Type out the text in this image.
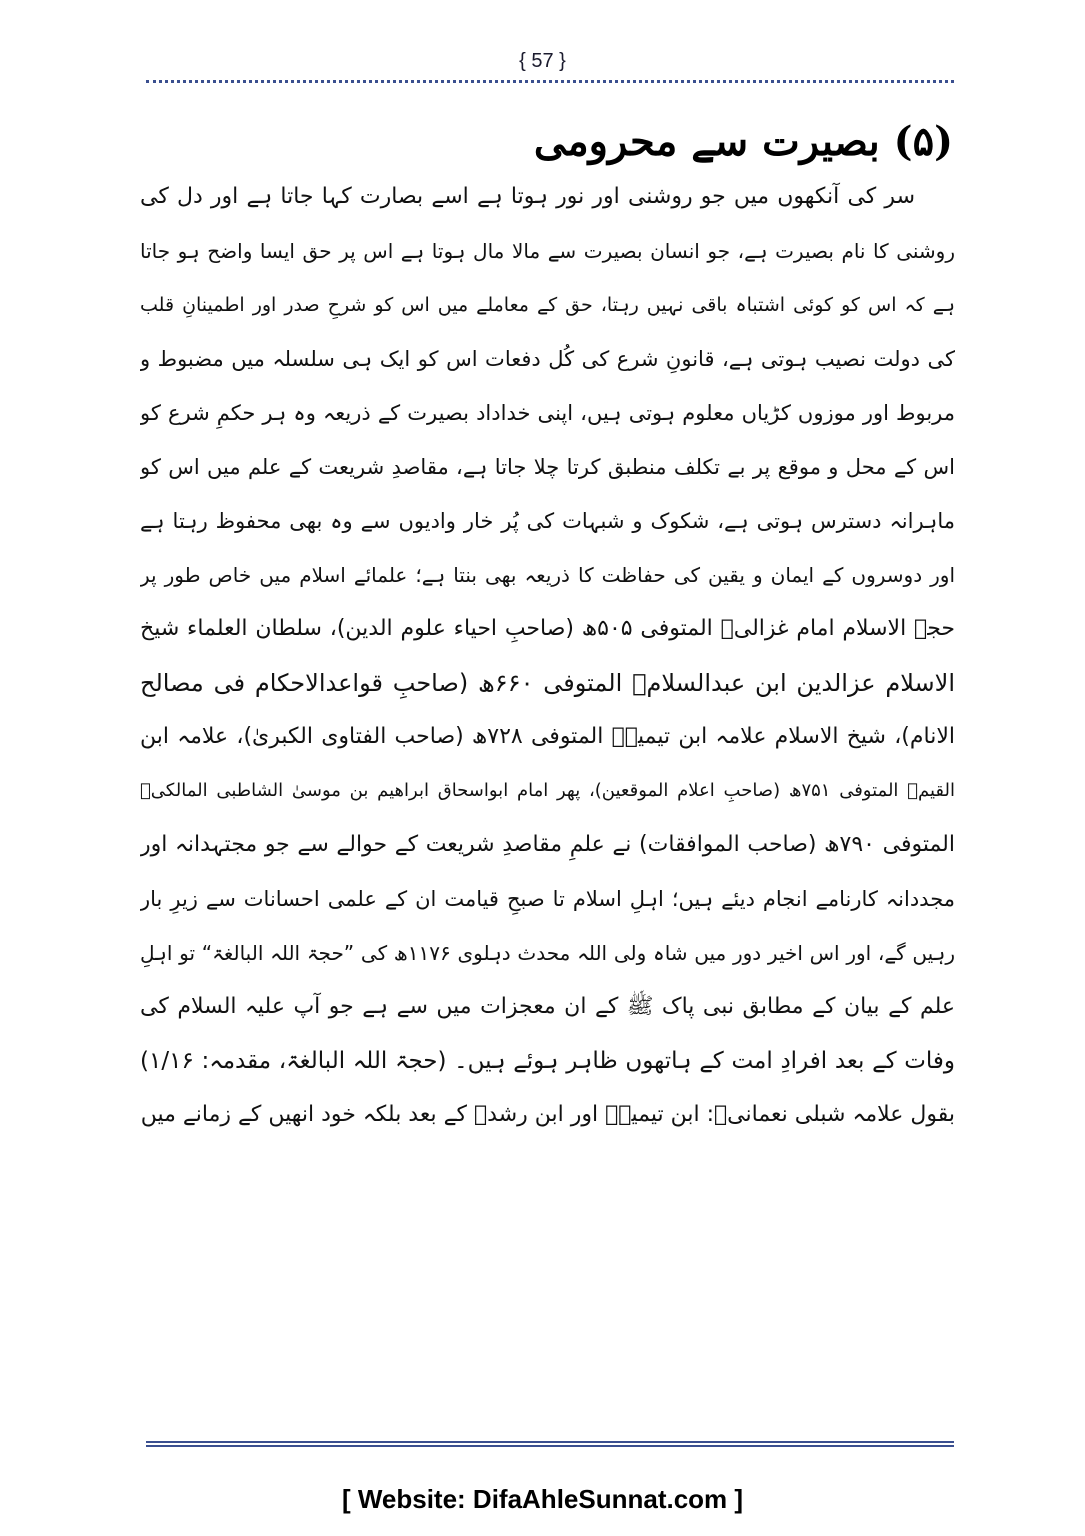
{ 57 }
(۵) بصیرت سے محرومی
سر کی آنکھوں میں جو روشنی اور نور ہوتا ہے اسے بصارت کہا جاتا ہے اور دل کی
روشنی کا نام بصیرت ہے، جو انسان بصیرت سے مالا مال ہوتا ہے اس پر حق ایسا واضح ہو جاتا
ہے کہ اس کو کوئی اشتباہ باقی نہیں رہتا، حق کے معاملے میں اس کو شرحِ صدر اور اطمینانِ قلب
کی دولت نصیب ہوتی ہے، قانونِ شرع کی کُل دفعات اس کو ایک ہی سلسلہ میں مضبوط و
مربوط اور موزوں کڑیاں معلوم ہوتی ہیں، اپنی خداداد بصیرت کے ذریعہ وہ ہر حکمِ شرع کو
اس کے محل و موقع پر بے تکلف منطبق کرتا چلا جاتا ہے، مقاصدِ شریعت کے علم میں اس کو
ماہرانہ دسترس ہوتی ہے، شکوک و شبہات کی پُر خار وادیوں سے وہ بھی محفوظ رہتا ہے
اور دوسروں کے ایمان و یقین کی حفاظت کا ذریعہ بھی بنتا ہے؛ علمائے اسلام میں خاص طور پر
حجۃ الاسلام امام غزالیؒ المتوفی ۵۰۵ھ (صاحبِ احیاء علوم الدین)، سلطان العلماء شیخ
الاسلام عزالدین ابن عبدالسلامؒ المتوفی ۶۶۰ھ (صاحبِ قواعدالاحکام فی مصالح
الانام)، شیخ الاسلام علامہ ابن تیمیہؒ المتوفی ۷۲۸ھ (صاحب الفتاوی الکبریٰ)، علامہ ابن
القیمؒ المتوفی ۷۵۱ھ (صاحبِ اعلام الموقعین)، پھر امام ابواسحاق ابراھیم بن موسیٰ الشاطبی المالکیؒ
المتوفی ۷۹۰ھ (صاحب الموافقات) نے علمِ مقاصدِ شریعت کے حوالے سے جو مجتہدانہ اور
مجددانہ کارنامے انجام دیئے ہیں؛ اہلِ اسلام تا صبحِ قیامت ان کے علمی احسانات سے زیرِ بار
رہیں گے، اور اس اخیر دور میں شاہ ولی اللہ محدث دہلوی ۱۱۷۶ھ کی ”حجۃ اللہ البالغۃ“ تو اہلِ
علم کے بیان کے مطابق نبی پاک ﷺ کے ان معجزات میں سے ہے جو آپ علیہ السلام کی
وفات کے بعد افرادِ امت کے ہاتھوں ظاہر ہوئے ہیں۔ (حجۃ اللہ البالغۃ، مقدمہ: ۱/۱۶)
بقول علامہ شبلی نعمانیؒ: ابن تیمیہؒ اور ابن رشدؒ کے بعد بلکہ خود انھیں کے زمانے میں
[ Website: DifaAhleSunnat.com ]
